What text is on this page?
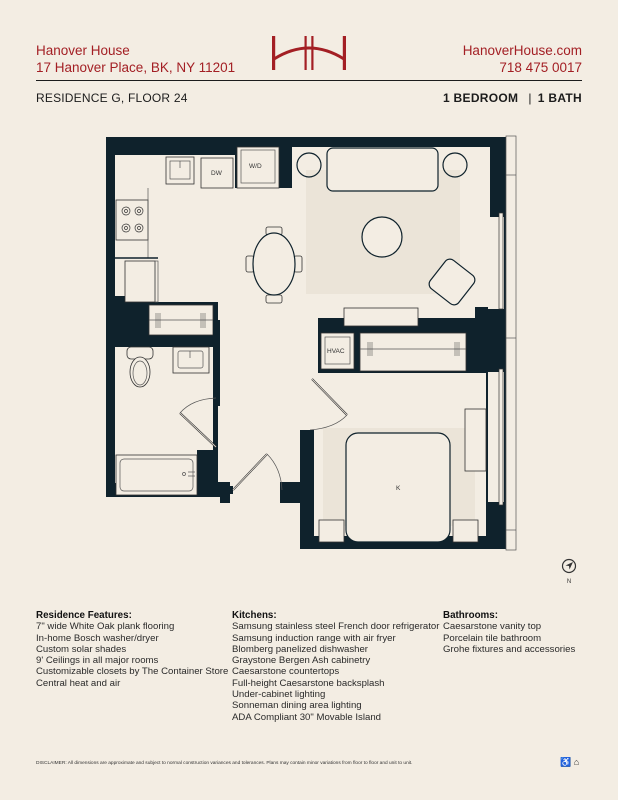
Hanover House
17 Hanover Place, BK, NY 11201
HanoverHouse.com
718 475 0017
RESIDENCE G, FLOOR 24	1 BEDROOM | 1 BATH
DW
W/D
HVAC
K
N
Residence Features:
7" wide White Oak plank flooring
In-home Bosch washer/dryer
Custom solar shades
9' Ceilings in all major rooms
Customizable closets by The Container Store
Central heat and air
Kitchens:
Samsung stainless steel French door refrigerator
Samsung induction range with air fryer
Blomberg panelized dishwasher
Graystone Bergen Ash cabinetry
Caesarstone countertops
Full-height Caesarstone backsplash
Under-cabinet lighting
Sonneman dining area lighting
ADA Compliant 30" Movable Island
Bathrooms:
Caesarstone vanity top
Porcelain tile bathroom
Grohe fixtures and accessories
DISCLAIMER: All dimensions are approximate and subject to normal construction variances and tolerances. Plans may contain minor variations from floor to floor and unit to unit.	♿ ⌂
